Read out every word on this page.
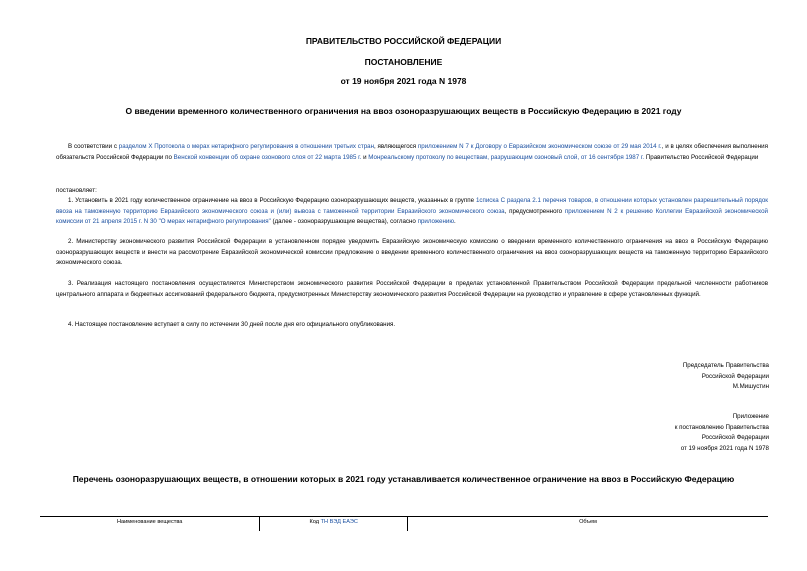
ПРАВИТЕЛЬСТВО РОССИЙСКОЙ ФЕДЕРАЦИИ
ПОСТАНОВЛЕНИЕ
от 19 ноября 2021 года N 1978
О введении временного количественного ограничения на ввоз озоноразрушающих веществ в Российскую Федерацию в 2021 году
В соответствии с разделом X Протокола о мерах нетарифного регулирования в отношении третьих стран, являющегося приложением N 7 к Договору о Евразийском экономическом союзе от 29 мая 2014 г., и в целях обеспечения выполнения обязательств Российской Федерации по Венской конвенции об охране озонового слоя от 22 марта 1985 г. и Монреальскому протоколу по веществам, разрушающим озоновый слой, от 16 сентября 1987 г. Правительство Российской Федерации
постановляет:
1. Установить в 2021 году количественное ограничение на ввоз в Российскую Федерацию озоноразрушающих веществ, указанных в группе 1списка С раздела 2.1 перечня товаров, в отношении которых установлен разрешительный порядок ввоза на таможенную территорию Евразийского экономического союза и (или) вывоза с таможенной территории Евразийского экономического союза, предусмотренного приложением N 2 к решению Коллегии Евразийской экономической комиссии от 21 апреля 2015 г. N 30 "О мерах нетарифного регулирования" (далее - озоноразрушающие вещества), согласно приложению.
2. Министерству экономического развития Российской Федерации в установленном порядке уведомить Евразийскую экономическую комиссию о введении временного количественного ограничения на ввоз в Российскую Федерацию озоноразрушающих веществ и внести на рассмотрение Евразийской экономической комиссии предложение о введении временного количественного ограничения на ввоз озоноразрушающих веществ на таможенную территорию Евразийского экономического союза.
3. Реализация настоящего постановления осуществляется Министерством экономического развития Российской Федерации в пределах установленной Правительством Российской Федерации предельной численности работников центрального аппарата и бюджетных ассигнований федерального бюджета, предусмотренных Министерству экономического развития Российской Федерации на руководство и управление в сфере установленных функций.
4. Настоящее постановление вступает в силу по истечении 30 дней после дня его официального опубликования.
Председатель Правительства
Российской Федерации
М.Мишустин
Приложение
к постановлению Правительства
Российской Федерации
от 19 ноября 2021 года N 1978
Перечень озоноразрушающих веществ, в отношении которых в 2021 году устанавливается количественное ограничение на ввоз в Российскую Федерацию
Наименование вещества	Код ТН ВЭД ЕАЭС	Объем
